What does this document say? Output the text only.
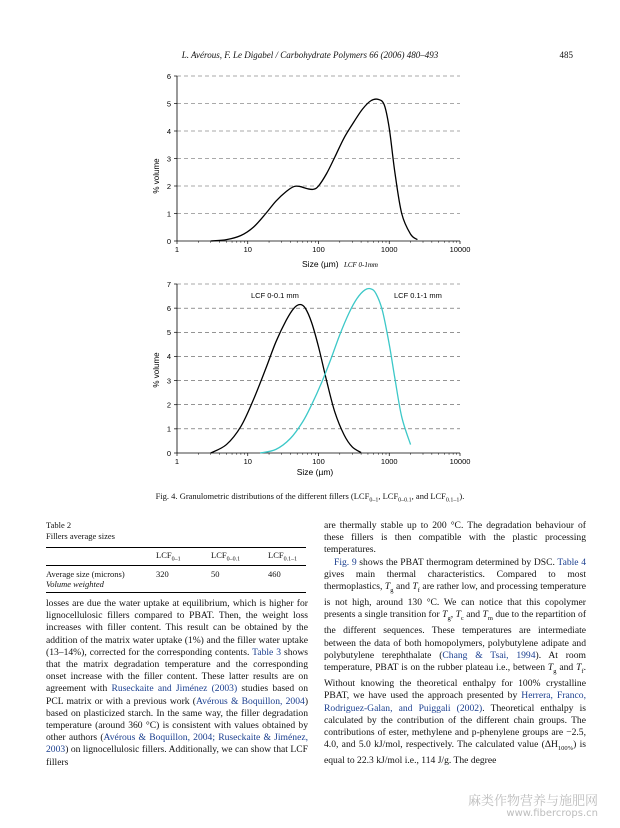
L. Avérous, F. Le Digabel / Carbohydrate Polymers 66 (2006) 480–493	485
0
1
2
3
4
5
6
1	10	100	1000	10000
% volume
Size (µm) LCF 0-1mm
0
1
2
3
4
5
6
7
1	10	100	1000	10000
% volume
Size (µm)
LCF 0-0.1 mm	LCF 0.1-1 mm
Fig. 4. Granulometric distributions of the different fillers ($LCF_{0-1}$, $LCF_{0-0.1}$, and $LCF_{0.1-1}$).
Table 2
Fillers average sizes
	$LCF_{0-1}$	$LCF_{0-0.1}$	$LCF_{0.1-1}$

Average size (microns)
Volume weighted	320	50	460

losses are due the water uptake at equilibrium, which is higher for lignocellulosic fillers compared to PBAT. Then, the weight loss increases with filler content. This result can be obtained by the addition of the matrix water uptake (1%) and the filler water uptake (13–14%), corrected for the corresponding contents. Table 3 shows that the matrix degradation temperature and the corresponding onset increase with the filler content. These latter results are on agreement with Ruseckaite and Jiménez (2003) studies based on PCL matrix or with a previous work (Avérous & Boquillon, 2004) based on plasticized starch. In the same way, the filler degradation temperature (around 360 °C) is consistent with values obtained by other authors (Avérous & Boquillon, 2004; Ruseckaite & Jiménez, 2003) on lignocellulosic fillers. Additionally, we can show that LCF fillers

are thermally stable up to 200 °C. The degradation behaviour of these fillers is then compatible with the plastic processing temperatures.

Fig. 9 shows the PBAT thermogram determined by DSC. Table 4 gives main thermal characteristics. Compared to most thermoplastics, $T_g$ and $T_f$ are rather low, and processing temperature is not high, around 130 °C. We can notice that this copolymer presents a single transition for $T_g$, $T_c$ and $T_m$ due to the repartition of the different sequences. These temperatures are intermediate between the data of both homopolymers, polybutylene adipate and polybutylene terephthalate (Chang & Tsai, 1994). At room temperature, PBAT is on the rubber plateau i.e., between $T_g$ and $T_f$. Without knowing the theoretical enthalpy for 100% crystalline PBAT, we have used the approach presented by Herrera, Franco, Rodriguez-Galan, and Puiggali (2002). Theoretical enthalpy is calculated by the contribution of the different chain groups. The contributions of ester, methylene and p-phenylene groups are −2.5, 4.0, and 5.0 kJ/mol, respectively. The calculated value $(\Delta H_{100\%})$ is equal to 22.3 kJ/mol i.e., 114 J/g. The degree

麻类作物营养与施肥网
www.fibercrops.cn
